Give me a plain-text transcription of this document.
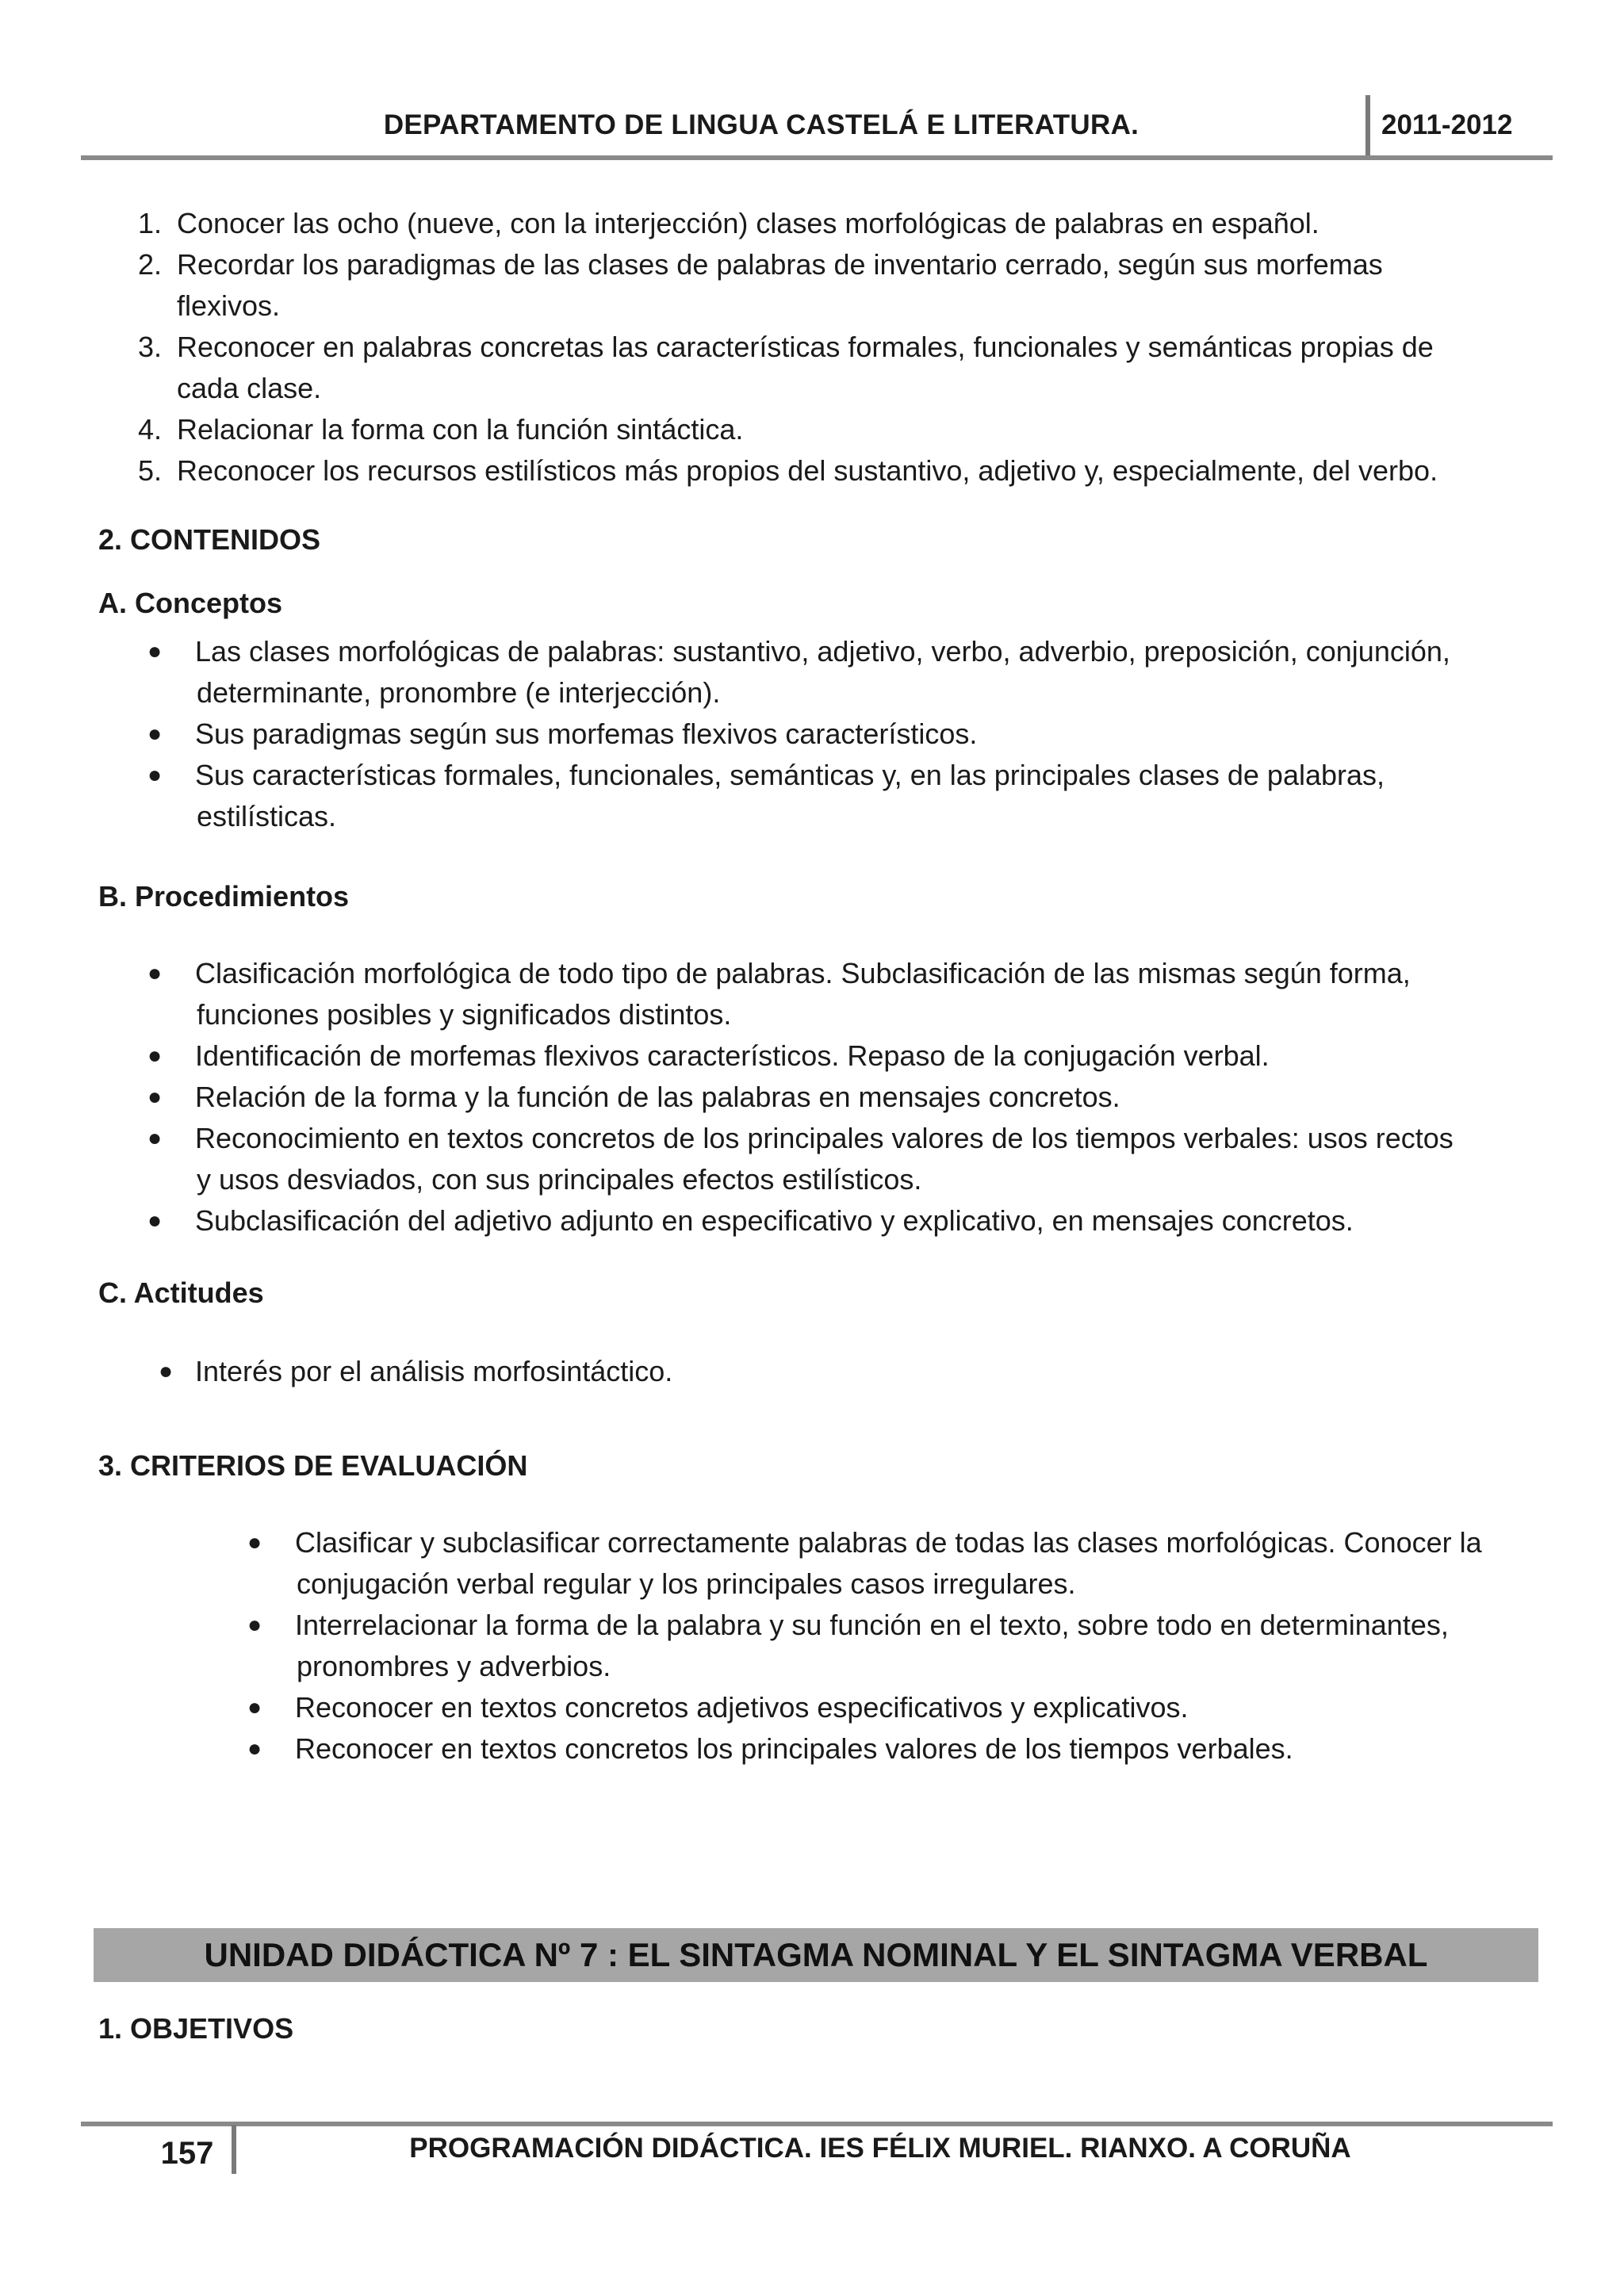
DEPARTAMENTO DE LINGUA CASTELÁ E LITERATURA.	2011-2012
1. Conocer las ocho (nueve, con la interjección) clases morfológicas de palabras en español.
2. Recordar los paradigmas de las clases de palabras de inventario cerrado, según sus morfemas
flexivos.
3. Reconocer en palabras concretas las características formales, funcionales y semánticas propias de
cada clase.
4. Relacionar la forma con la función sintáctica.
5. Reconocer los recursos estilísticos más propios del sustantivo, adjetivo y, especialmente, del verbo.
2. CONTENIDOS
A. Conceptos
● Las clases morfológicas de palabras: sustantivo, adjetivo, verbo, adverbio, preposición, conjunción,
determinante, pronombre (e interjección).
● Sus paradigmas según sus morfemas flexivos característicos.
● Sus características formales, funcionales, semánticas y, en las principales clases de palabras,
estilísticas.
B. Procedimientos
● Clasificación morfológica de todo tipo de palabras. Subclasificación de las mismas según forma,
funciones posibles y significados distintos.
● Identificación de morfemas flexivos característicos. Repaso de la conjugación verbal.
● Relación de la forma y la función de las palabras en mensajes concretos.
● Reconocimiento en textos concretos de los principales valores de los tiempos verbales: usos rectos
y usos desviados, con sus principales efectos estilísticos.
● Subclasificación del adjetivo adjunto en especificativo y explicativo, en mensajes concretos.
C. Actitudes
● Interés por el análisis morfosintáctico.
3. CRITERIOS DE EVALUACIÓN
● Clasificar y subclasificar correctamente palabras de todas las clases morfológicas. Conocer la
conjugación verbal regular y los principales casos irregulares.
● Interrelacionar la forma de la palabra y su función en el texto, sobre todo en determinantes,
pronombres y adverbios.
● Reconocer en textos concretos adjetivos especificativos y explicativos.
● Reconocer en textos concretos los principales valores de los tiempos verbales.
UNIDAD DIDÁCTICA Nº 7 : EL SINTAGMA NOMINAL Y EL SINTAGMA VERBAL
1. OBJETIVOS
157	PROGRAMACIÓN DIDÁCTICA. IES FÉLIX MURIEL. RIANXO. A CORUÑA
